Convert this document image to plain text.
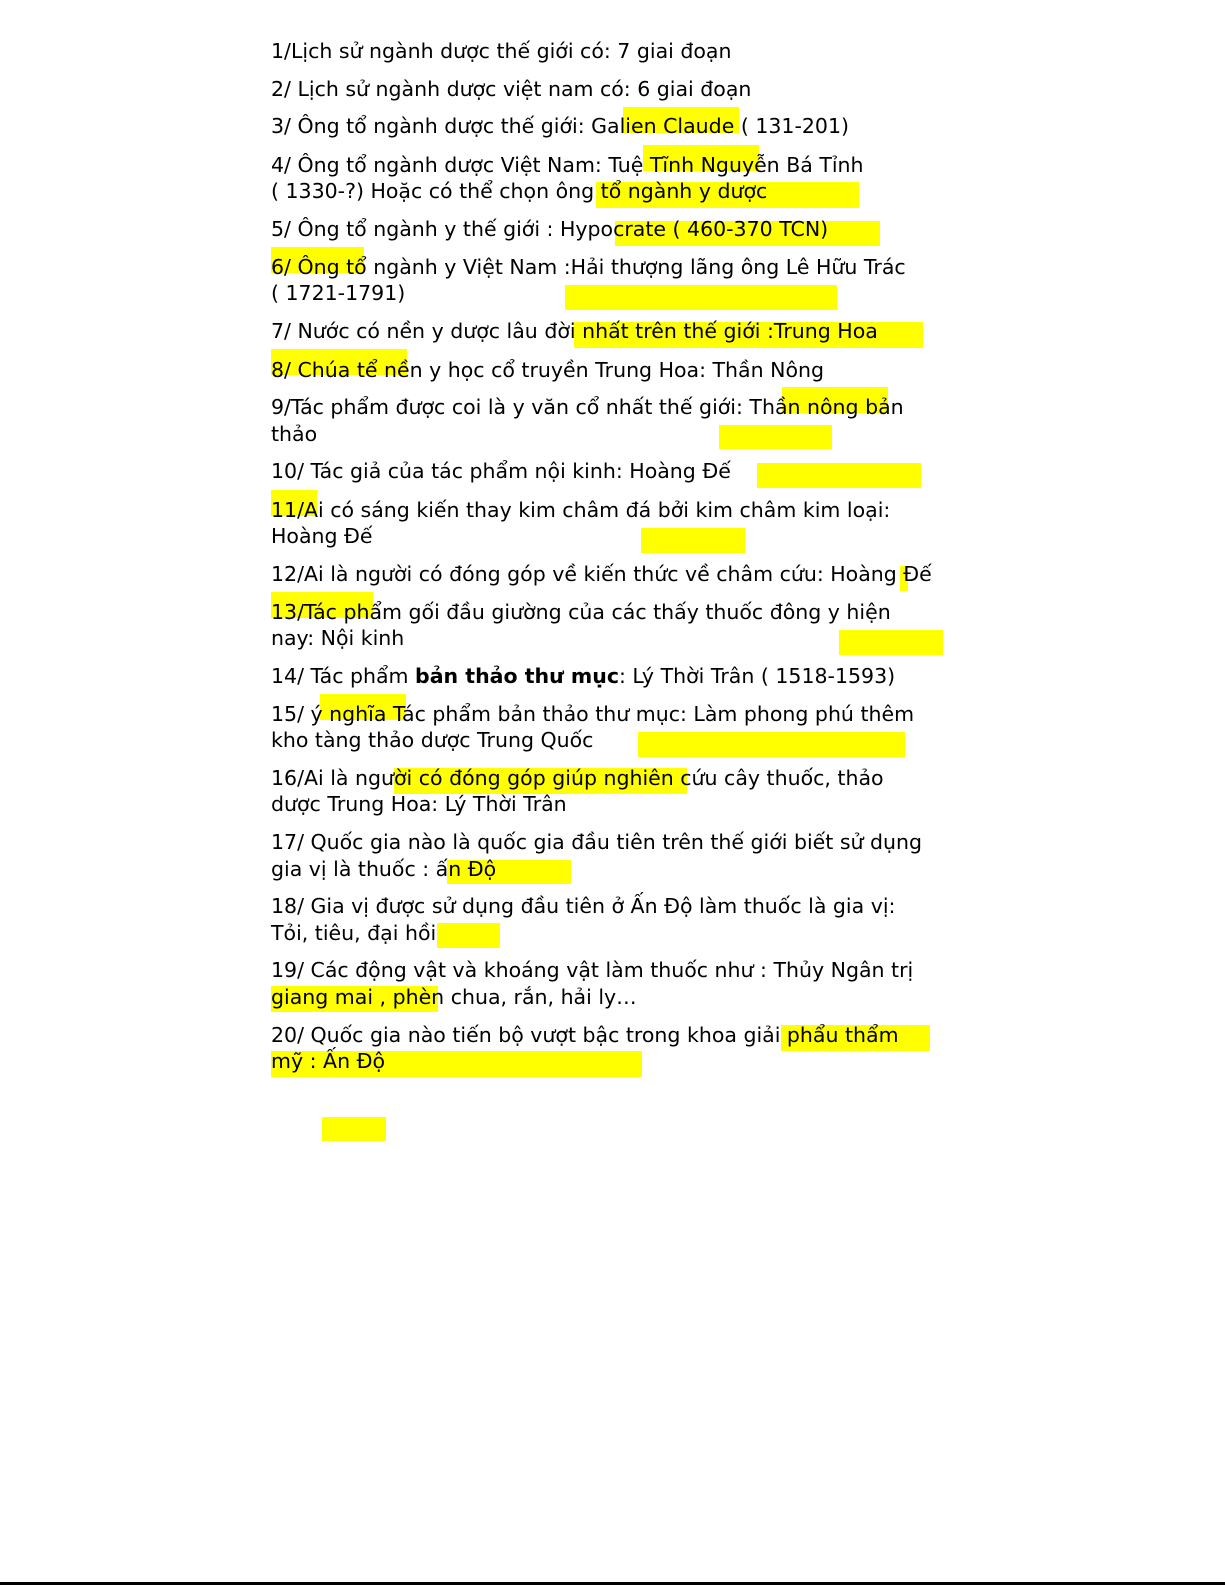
1/Lịch sử ngành dược thế giới có: 7 giai đoạn
2/ Lịch sử ngành dược việt nam có: 6 giai đoạn
3/ Ông tổ ngành dược thế giới: Galien Claude ( 131-201)
4/ Ông tổ ngành dược Việt Nam: Tuệ Tĩnh Nguyễn Bá Tỉnh
( 1330-?) Hoặc có thể chọn ông tổ ngành y dược
5/ Ông tổ ngành y thế giới : Hypocrate ( 460-370 TCN)
6/ Ông tổ ngành y Việt Nam :Hải thượng lãng ông Lê Hữu Trác
( 1721-1791)
7/ Nước có nền y dược lâu đời nhất trên thế giới :Trung Hoa
8/ Chúa tể nền y học cổ truyền Trung Hoa: Thần Nông
9/Tác phẩm được coi là y văn cổ nhất thế giới: Thần nông bản
thảo
10/ Tác giả của tác phẩm nội kinh: Hoàng Đế
11/Ai có sáng kiến thay kim châm đá bởi kim châm kim loại:
Hoàng Đế
12/Ai là người có đóng góp về kiến thức về châm cứu: Hoàng Đế
13/Tác phẩm gối đầu giường của các thấy thuốc đông y hiện
nay: Nội kinh
14/ Tác phẩm bản thảo thư mục: Lý Thời Trân ( 1518-1593)
15/ ý nghĩa Tác phẩm bản thảo thư mục: Làm phong phú thêm
kho tàng thảo dược Trung Quốc
16/Ai là người có đóng góp giúp nghiên cứu cây thuốc, thảo
dược Trung Hoa: Lý Thời Trân
17/ Quốc gia nào là quốc gia đầu tiên trên thế giới biết sử dụng
gia vị là thuốc : ấn Độ
18/ Gia vị được sử dụng đầu tiên ở Ấn Độ làm thuốc là gia vị:
Tỏi, tiêu, đại hồi
19/ Các động vật và khoáng vật làm thuốc như : Thủy Ngân trị
giang mai , phèn chua, rắn, hải ly…
20/ Quốc gia nào tiến bộ vượt bậc trong khoa giải phẩu thẩm
mỹ : Ấn Độ
